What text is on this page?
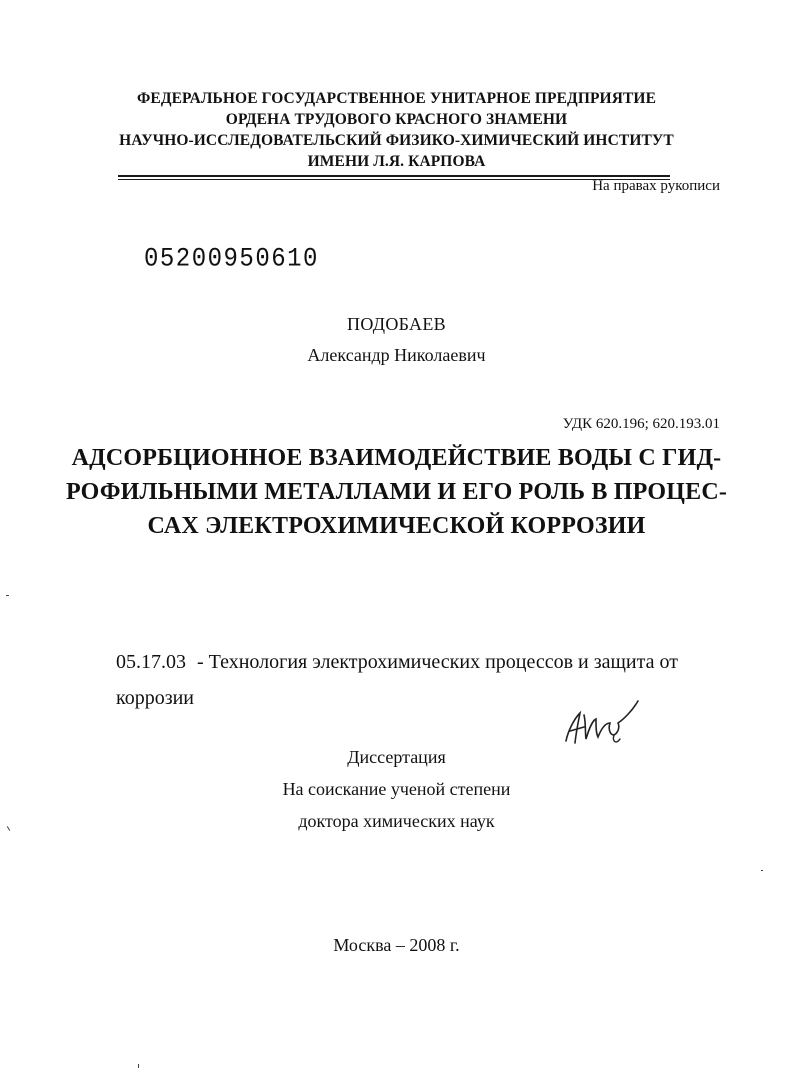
ФЕДЕРАЛЬНОЕ ГОСУДАРСТВЕННОЕ УНИТАРНОЕ ПРЕДПРИЯТИЕ
ОРДЕНА ТРУДОВОГО КРАСНОГО ЗНАМЕНИ
НАУЧНО-ИССЛЕДОВАТЕЛЬСКИЙ ФИЗИКО-ХИМИЧЕСКИЙ ИНСТИТУТ
ИМЕНИ Л.Я. КАРПОВА
На правах рукописи
05200950610
ПОДОБАЕВ
Александр Николаевич
УДК 620.196; 620.193.01
АДСОРБЦИОННОЕ ВЗАИМОДЕЙСТВИЕ ВОДЫ С ГИД-
РОФИЛЬНЫМИ МЕТАЛЛАМИ И ЕГО РОЛЬ В ПРОЦЕС-
САХ ЭЛЕКТРОХИМИЧЕСКОЙ КОРРОЗИИ
05.17.03 - Технология электрохимических процессов и защита от коррозии
Диссертация
На соискание ученой степени
доктора химических наук
Москва – 2008 г.
